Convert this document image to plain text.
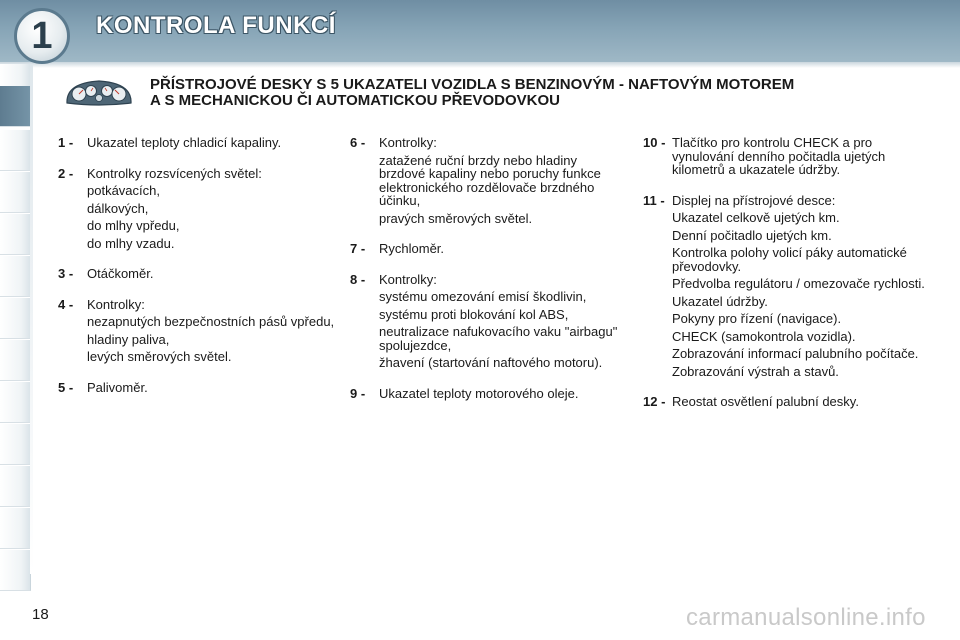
1	KONTROLA FUNKCÍ
PŘÍSTROJOVÉ DESKY S 5 UKAZATELI VOZIDLA S BENZINOVÝM - NAFTOVÝM MOTOREM
A S MECHANICKOU ČI AUTOMATICKOU PŘEVODOVKOU
1 - Ukazatel teploty chladicí kapaliny.
2 - Kontrolky rozsvícených světel:
potkávacích,
dálkových,
do mlhy vpředu,
do mlhy vzadu.
3 - Otáčkoměr.
4 - Kontrolky:
nezapnutých bezpečnostních pásů vpředu,
hladiny paliva,
levých směrových světel.
5 - Palivoměr.
6 - Kontrolky:
zatažené ruční brzdy nebo hladiny brzdové kapaliny nebo poruchy funkce elektronického rozdělovače brzdného účinku,
pravých směrových světel.
7 - Rychloměr.
8 - Kontrolky:
systému omezování emisí škodlivin,
systému proti blokování kol ABS,
neutralizace nafukovacího vaku "airbagu" spolujezdce,
žhavení (startování naftového motoru).
9 - Ukazatel teploty motorového oleje.
10 - Tlačítko pro kontrolu CHECK a pro vynulování denního počitadla ujetých kilometrů a ukazatele údržby.
11 - Displej na přístrojové desce:
Ukazatel celkově ujetých km.
Denní počitadlo ujetých km.
Kontrolka polohy volicí páky automatické převodovky.
Předvolba regulátoru / omezovače rychlosti.
Ukazatel údržby.
Pokyny pro řízení (navigace).
CHECK (samokontrola vozidla).
Zobrazování informací palubního počítače.
Zobrazování výstrah a stavů.
12 - Reostat osvětlení palubní desky.
18	carmanualsonline.info
